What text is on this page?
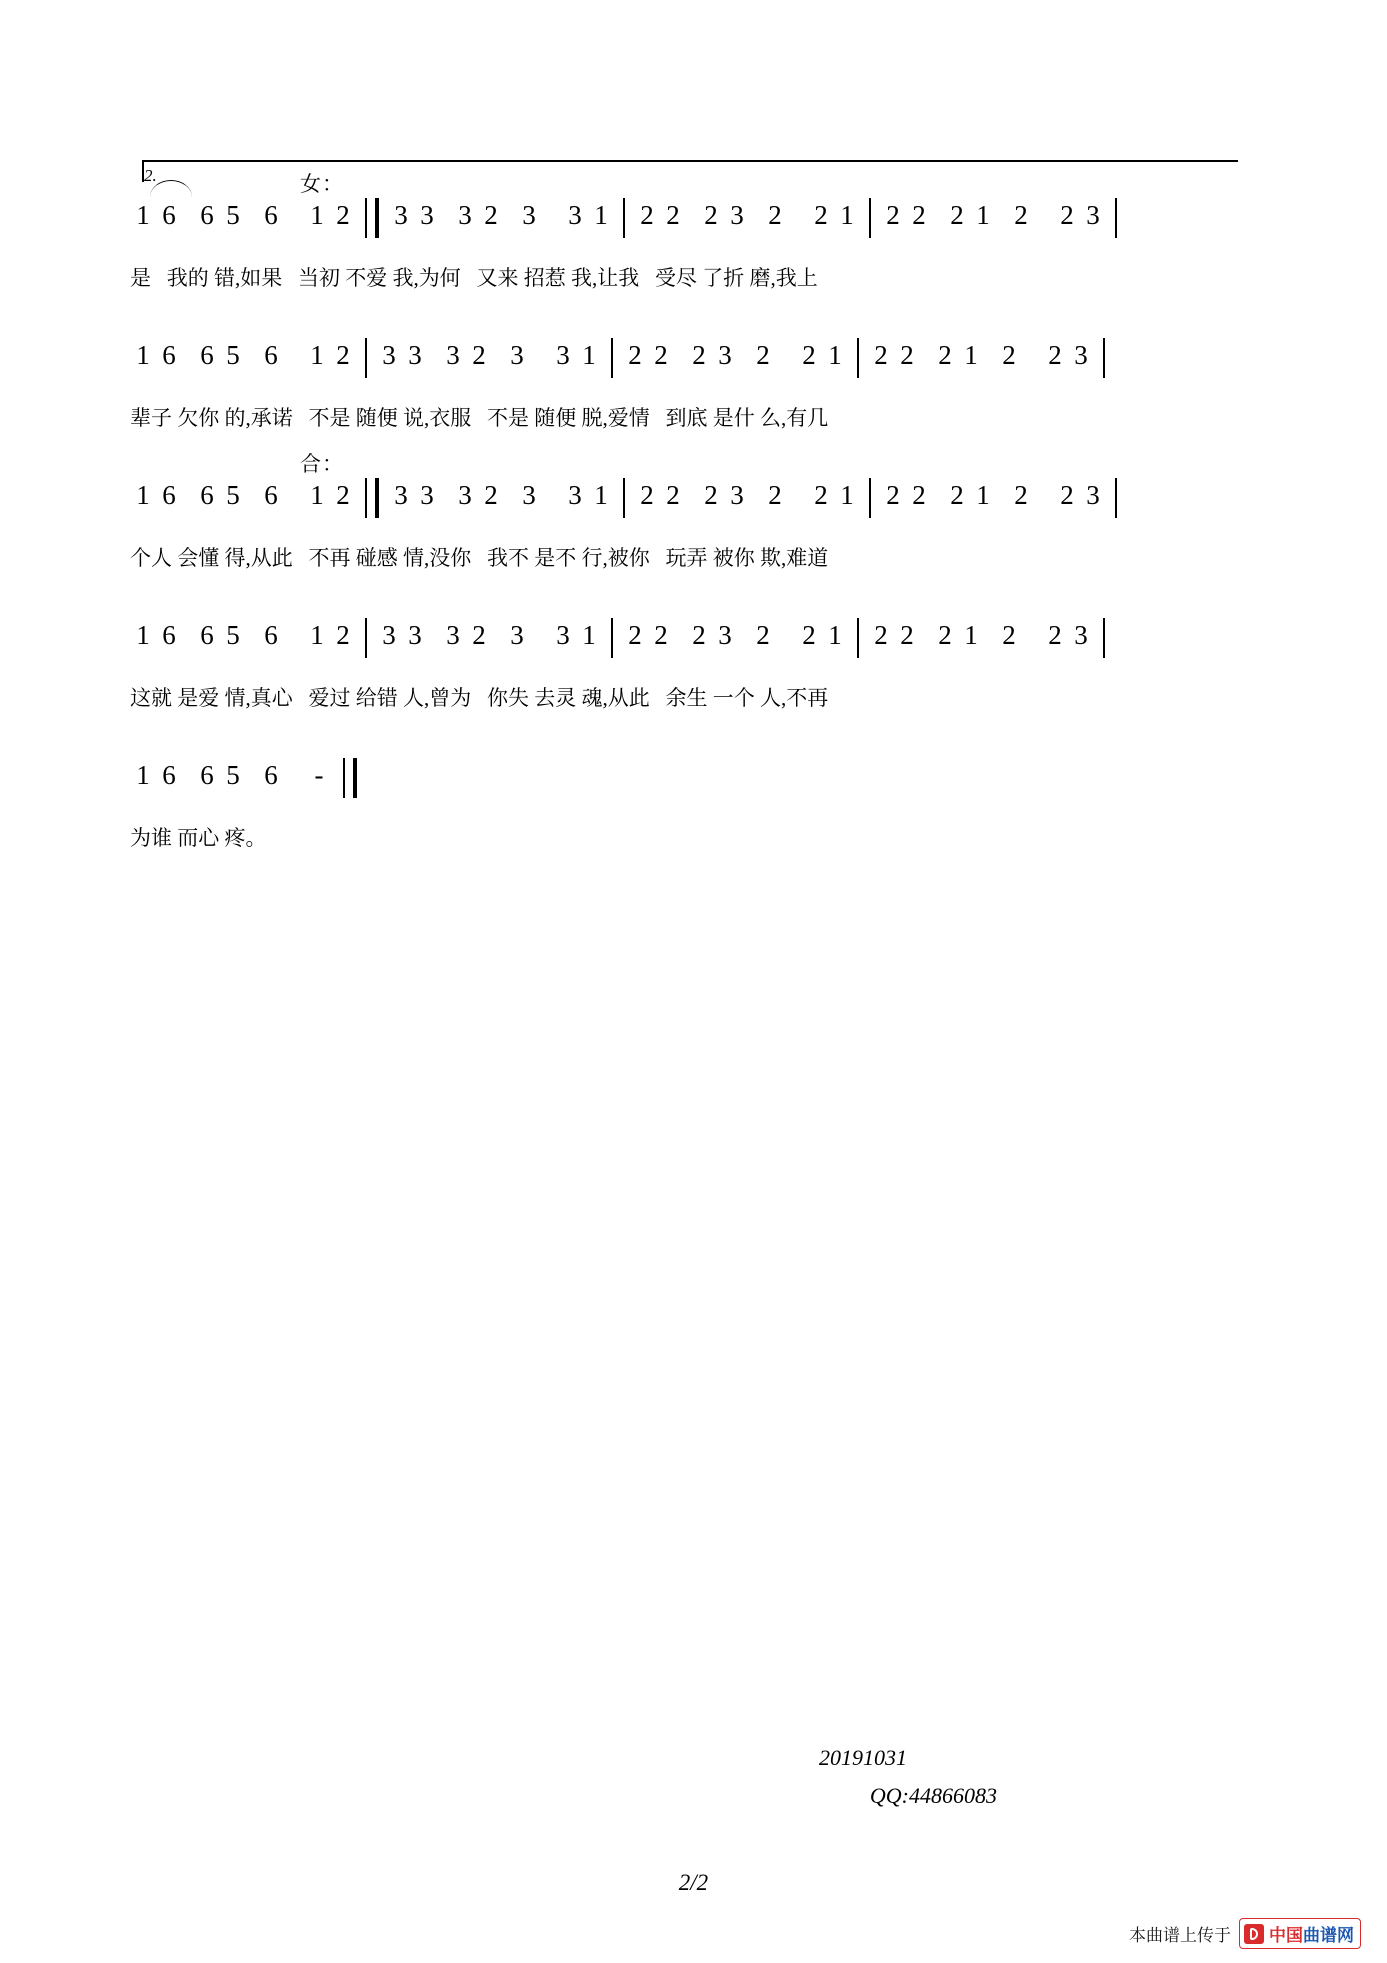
2.	女：
1 6 6 5 6 1 2 3 3 3 2 3 3 1 2 2 2 3 2 2 1 2 2 2 1 2 2 3
是   我的 错,如果   当初 不爱 我,为何   又来 招惹 我,让我   受尽 了折 磨,我上
1 6 6 5 6 1 2 3 3 3 2 3 3 1 2 2 2 3 2 2 1 2 2 2 1 2 2 3
辈子 欠你 的,承诺   不是 随便 说,衣服   不是 随便 脱,爱情   到底 是什 么,有几
合：
1 6 6 5 6 1 2 3 3 3 2 3 3 1 2 2 2 3 2 2 1 2 2 2 1 2 2 3
个人 会懂 得,从此   不再 碰感 情,没你   我不 是不 行,被你   玩弄 被你 欺,难道
1 6 6 5 6 1 2 3 3 3 2 3 3 1 2 2 2 3 2 2 1 2 2 2 1 2 2 3
这就 是爱 情,真心   爱过 给错 人,曾为   你失 去灵 魂,从此   余生 一个 人,不再
1 6 6 5 6	-
为谁 而心 疼。
20191031
QQ:44866083
2/2
本曲谱上传于 中国 曲谱网
